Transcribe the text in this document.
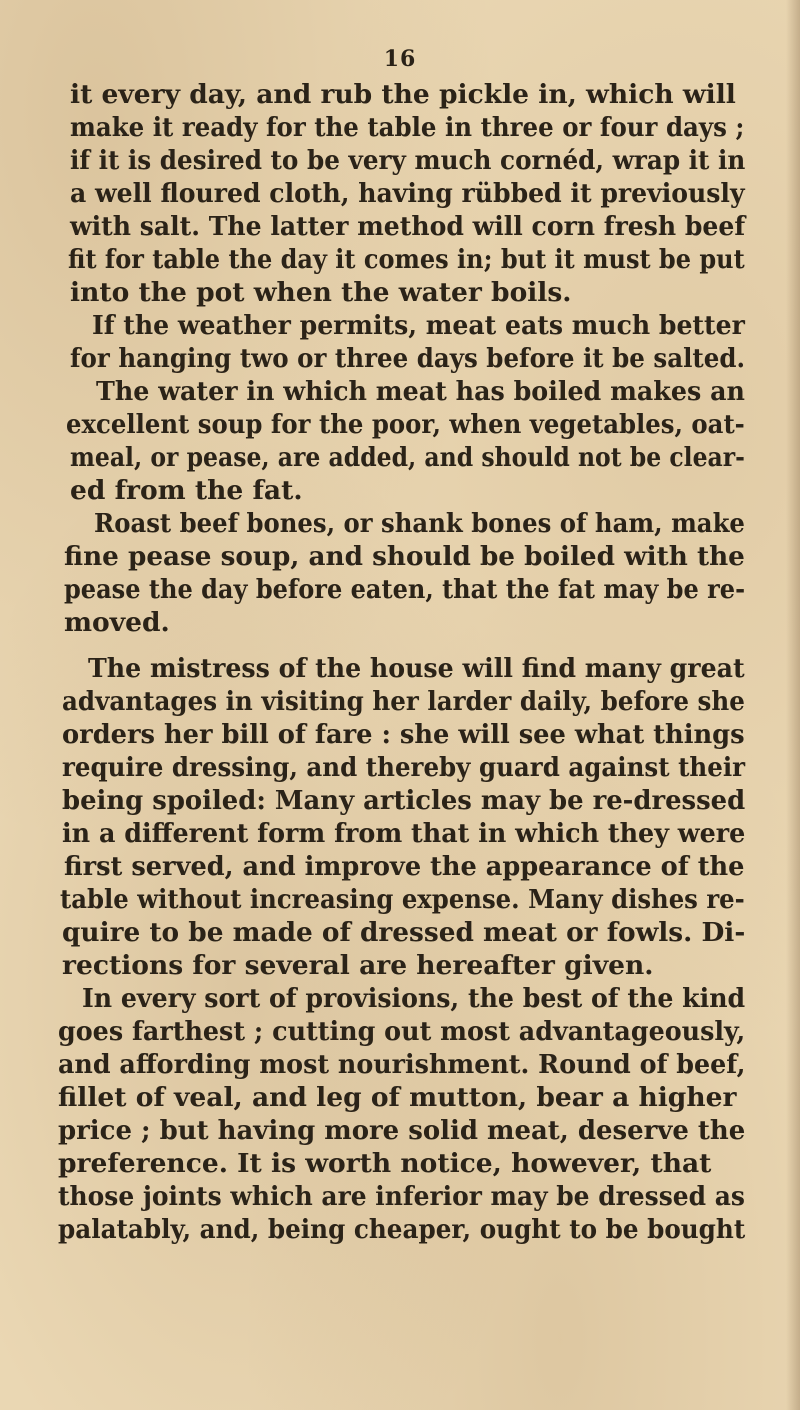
16
it every day, and rub the pickle in, which will
make it ready for the table in three or four days ;
if it is desired to be very much cornéd, wrap it in
a well floured cloth, having rübbed it previously
with salt. The latter method will corn fresh beef
fit for table the day it comes in; but it must be put
into the pot when the water boils.
If the weather permits, meat eats much better
for hanging two or three days before it be salted.
The water in which meat has boiled makes an
excellent soup for the poor, when vegetables, oat-
meal, or pease, are added, and should not be clear-
ed from the fat.
Roast beef bones, or shank bones of ham, make
fine pease soup, and should be boiled with the
pease the day before eaten, that the fat may be re-
moved.
The mistress of the house will find many great
advantages in visiting her larder daily, before she
orders her bill of fare : she will see what things
require dressing, and thereby guard against their
being spoiled: Many articles may be re-dressed
in a different form from that in which they were
first served, and improve the appearance of the
table without increasing expense. Many dishes re-
quire to be made of dressed meat or fowls. Di-
rections for several are hereafter given.
In every sort of provisions, the best of the kind
goes farthest ; cutting out most advantageously,
and affording most nourishment. Round of beef,
fillet of veal, and leg of mutton, bear a higher
price ; but having more solid meat, deserve the
preference. It is worth notice, however, that
those joints which are inferior may be dressed as
palatably, and, being cheaper, ought to be bought
